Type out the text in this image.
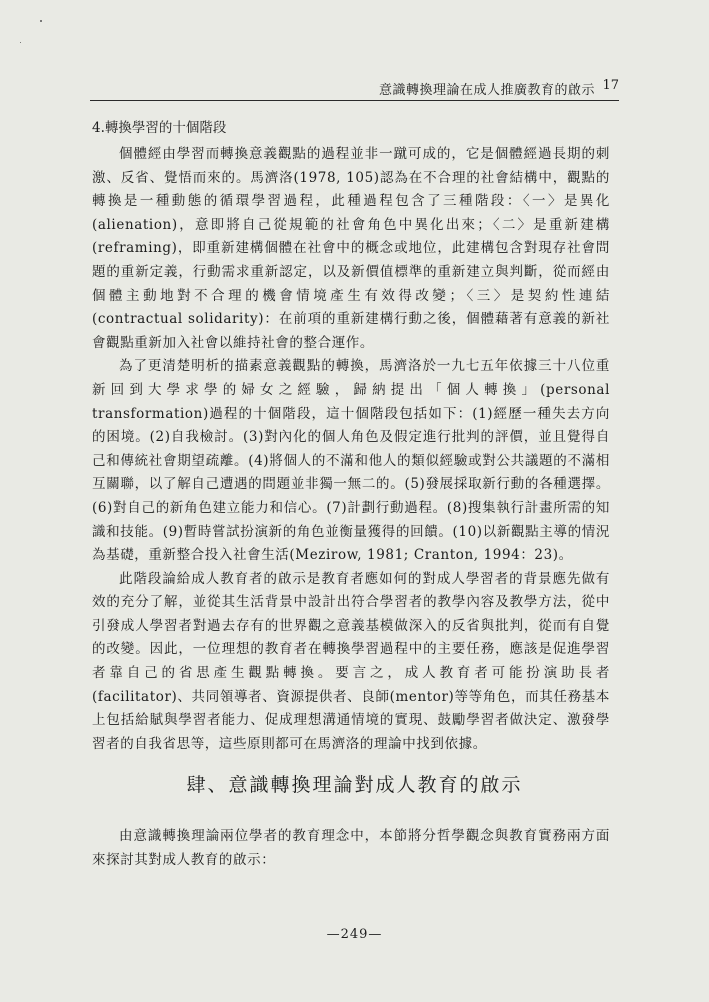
意識轉換理論在成人推廣教育的啟示 17
4.轉換學習的十個階段

個體經由學習而轉換意義觀點的過程並非一蹴可成的，它是個體經過長期的刺激、反省、覺悟而來的。馬濟洛(1978, 105)認為在不合理的社會結構中，觀點的轉換是一種動態的循環學習過程，此種過程包含了三種階段：〈一〉是異化(alienation)，意即將自己從規範的社會角色中異化出來；〈二〉是重新建構(reframing)，即重新建構個體在社會中的概念或地位，此建構包含對現存社會問題的重新定義，行動需求重新認定，以及新價值標準的重新建立與判斷，從而經由個體主動地對不合理的機會情境產生有效得改變；〈三〉是契約性連結(contractual solidarity)：在前項的重新建構行動之後，個體藉著有意義的新社會觀點重新加入社會以維持社會的整合運作。

為了更清楚明析的描素意義觀點的轉換，馬濟洛於一九七五年依據三十八位重新回到大學求學的婦女之經驗，歸納提出「個人轉換」(personal transformation)過程的十個階段，這十個階段包括如下：(1)經歷一種失去方向的困境。(2)自我檢討。(3)對內化的個人角色及假定進行批判的評價，並且覺得自己和傳統社會期望疏離。(4)將個人的不滿和他人的類似經驗或對公共議題的不滿相互關聯，以了解自己遭遇的問題並非獨一無二的。(5)發展採取新行動的各種選擇。(6)對自己的新角色建立能力和信心。(7)計劃行動過程。(8)搜集執行計畫所需的知識和技能。(9)暫時嘗試扮演新的角色並衡量獲得的回饋。(10)以新觀點主導的情況為基礎，重新整合投入社會生活(Mezirow, 1981; Cranton, 1994：23)。

此階段論給成人教育者的啟示是教育者應如何的對成人學習者的背景應先做有效的充分了解，並從其生活背景中設計出符合學習者的教學內容及教學方法，從中引發成人學習者對過去存有的世界觀之意義基模做深入的反省與批判，從而有自覺的改變。因此，一位理想的教育者在轉換學習過程中的主要任務，應該是促進學習者靠自己的省思產生觀點轉換。要言之，成人教育者可能扮演助長者(facilitator)、共同領導者、資源提供者、良師(mentor)等等角色，而其任務基本上包括給賦與學習者能力、促成理想溝通情境的實現、鼓勵學習者做決定、激發學習者的自我省思等，這些原則都可在馬濟洛的理論中找到依據。

肆、意識轉換理論對成人教育的啟示

由意識轉換理論兩位學者的教育理念中，本節將分哲學觀念與教育實務兩方面來探討其對成人教育的啟示：

—249—
